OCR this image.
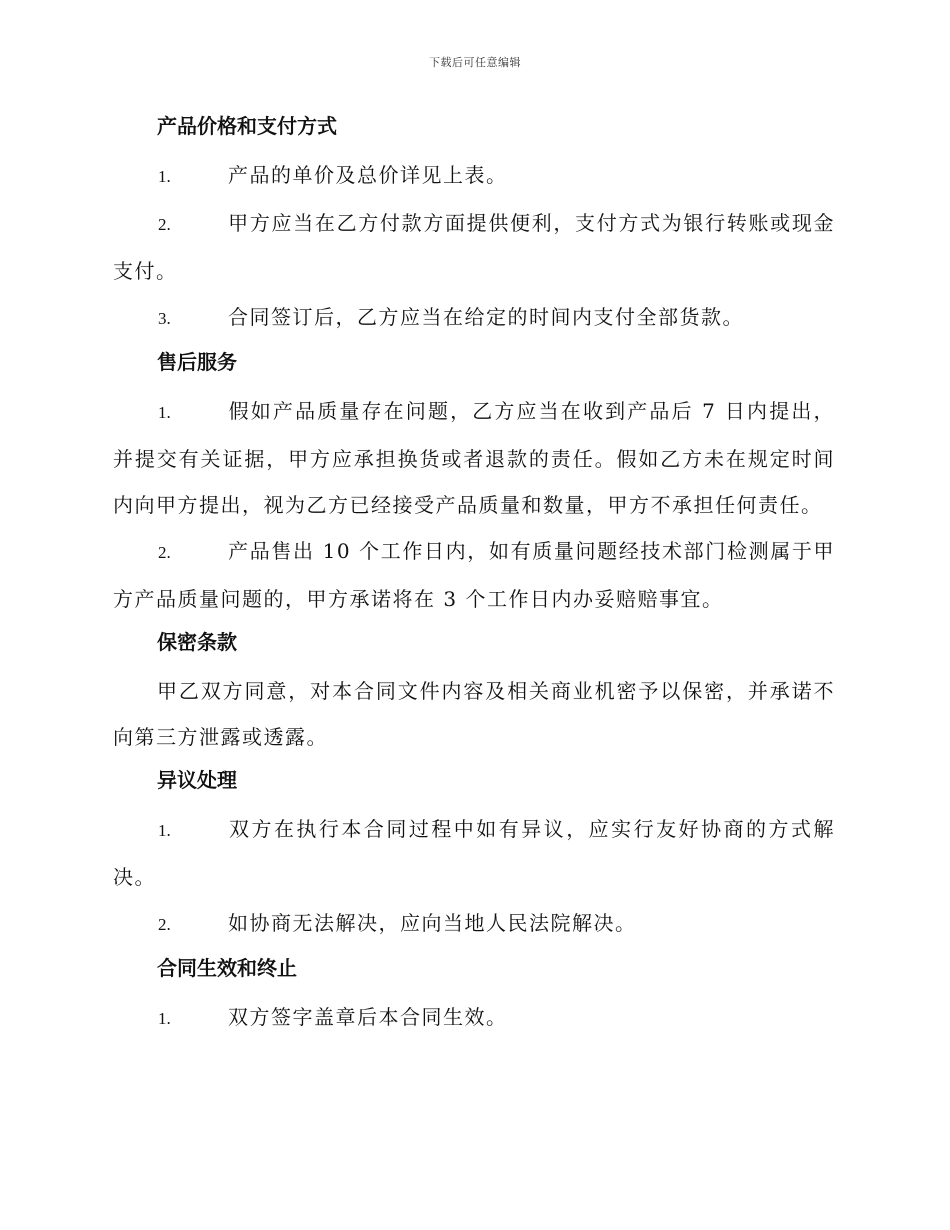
下载后可任意编辑
产品价格和支付方式

1.	产品的单价及总价详见上表。

2.	甲方应当在乙方付款方面提供便利，支付方式为银行转账或现金支付。

3.	合同签订后，乙方应当在给定的时间内支付全部货款。

售后服务

1.	假如产品质量存在问题，乙方应当在收到产品后 7 日内提出，并提交有关证据，甲方应承担换货或者退款的责任。假如乙方未在规定时间内向甲方提出，视为乙方已经接受产品质量和数量，甲方不承担任何责任。

2.	产品售出 10 个工作日内，如有质量问题经技术部门检测属于甲方产品质量问题的，甲方承诺将在 3 个工作日内办妥赔赔事宜。

保密条款

甲乙双方同意，对本合同文件内容及相关商业机密予以保密，并承诺不向第三方泄露或透露。

异议处理

1.	双方在执行本合同过程中如有异议，应实行友好协商的方式解决。

2.	如协商无法解决，应向当地人民法院解决。

合同生效和终止

1.	双方签字盖章后本合同生效。
